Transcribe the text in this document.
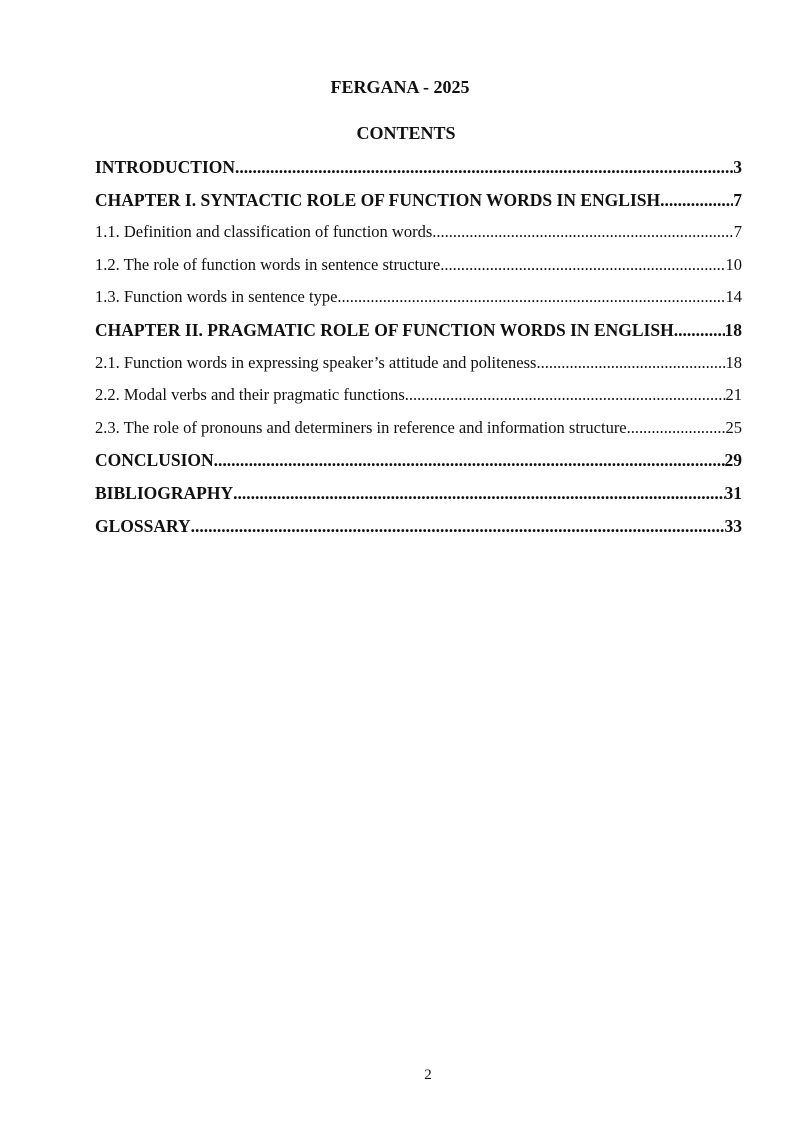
FERGANA - 2025
CONTENTS
INTRODUCTION .....	3
CHAPTER I. SYNTACTIC ROLE OF FUNCTION WORDS IN ENGLISH .....	7
1.1. Definition and classification of function words .....	7
1.2. The role of function words in sentence structure .....	10
1.3. Function words in sentence type .....	14
CHAPTER II. PRAGMATIC ROLE OF FUNCTION WORDS IN ENGLISH .....	18
2.1. Function words in expressing speaker’s attitude and politeness .....	18
2.2. Modal verbs and their pragmatic functions .....	21
2.3. The role of pronouns and determiners in reference and information structure .....	25
CONCLUSION .....	29
BIBLIOGRAPHY .....	31
GLOSSARY .....	33
2
